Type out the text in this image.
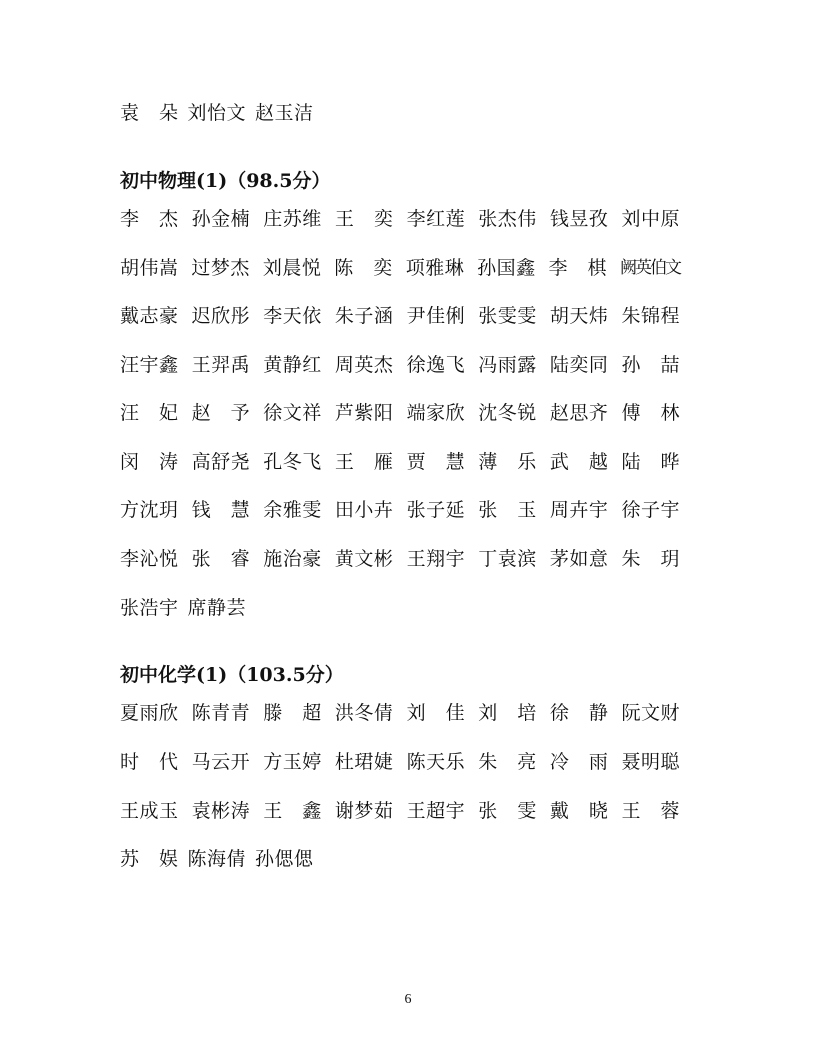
袁　朵 刘怡文 赵玉洁
初中物理(1)（98.5分）
李　杰 孙金楠 庄苏维 王　奕 李红莲 张杰伟 钱昱孜 刘中原
胡伟嵩 过梦杰 刘晨悦 陈　奕 项雅琳 孙国鑫 李　棋 阙英伯文
戴志豪 迟欣彤 李天依 朱子涵 尹佳俐 张雯雯 胡天炜 朱锦程
汪宇鑫 王羿禹 黄静红 周英杰 徐逸飞 冯雨露 陆奕同 孙　喆
汪　妃 赵　予 徐文祥 芦紫阳 端家欣 沈冬锐 赵思齐 傅　林
闵　涛 高舒尧 孔冬飞 王　雁 贾　慧 薄　乐 武　越 陆　晔
方沈玥 钱　慧 余雅雯 田小卉 张子延 张　玉 周卉宇 徐子宇
李沁悦 张　睿 施治豪 黄文彬 王翔宇 丁袁滨 茅如意 朱　玥
张浩宇 席静芸
初中化学(1)（103.5分）
夏雨欣 陈青青 滕　超 洪冬倩 刘　佳 刘　培 徐　静 阮文财
时　代 马云开 方玉婷 杜珺婕 陈天乐 朱　亮 冷　雨 聂明聪
王成玉 袁彬涛 王　鑫 谢梦茹 王超宇 张　雯 戴　晓 王　蓉
苏　娱 陈海倩 孙偲偲
6
